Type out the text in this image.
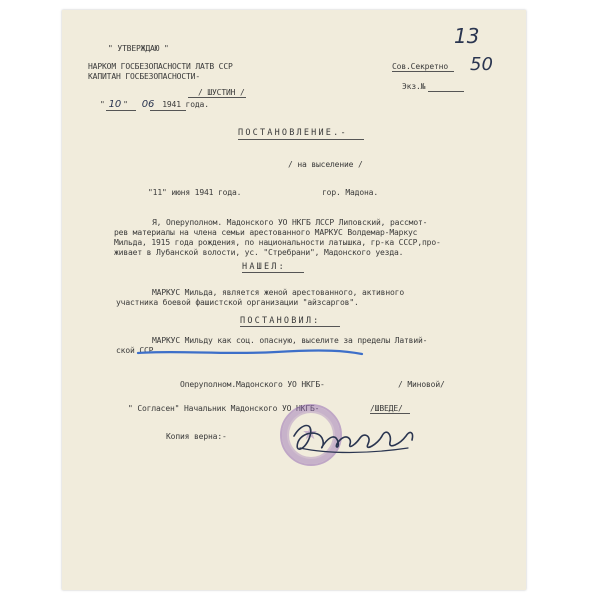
13
50
" УТВЕРЖДАЮ "
НАРКОМ ГОСБЕЗОПАСНОСТИ ЛАТВ ССР
КАПИТАН ГОСБЕЗОПАСНОСТИ-
/ ШУСТИН /
" 10 " 06 1941 года.
Сов.Секретно
Экз.№
ПОСТАНОВЛЕНИЕ.-
/ на выселение /
"11" июня 1941 года.	гор. Мадона.
Я, Оперуполном. Мадонского УО НКГБ ЛССР Липовский, рассмот-
рев материалы на члена семьи арестованного МАРКУС Волдемар-Маркус
Мильда, 1915 года рождения, по национальности латышка, гр-ка СССР,про-
живает в Лубанской волости, ус. "Стребрани", Мадонского уезда.
НАШЕЛ:
МАРКУС Мильда, является женой арестованного, активного
участника боевой фашистской организации "айзсаргов".
ПОСТАНОВИЛ:
МАРКУС Мильду как соц. опасную, выселите за пределы Латвий-
ской ССР.
Оперуполном.Мадонского УО НКГБ-	/ Миновой/
" Согласен" Начальник Мадонского УО НКГБ-	/ШВЕДЕ/
★
Копия верна:-
